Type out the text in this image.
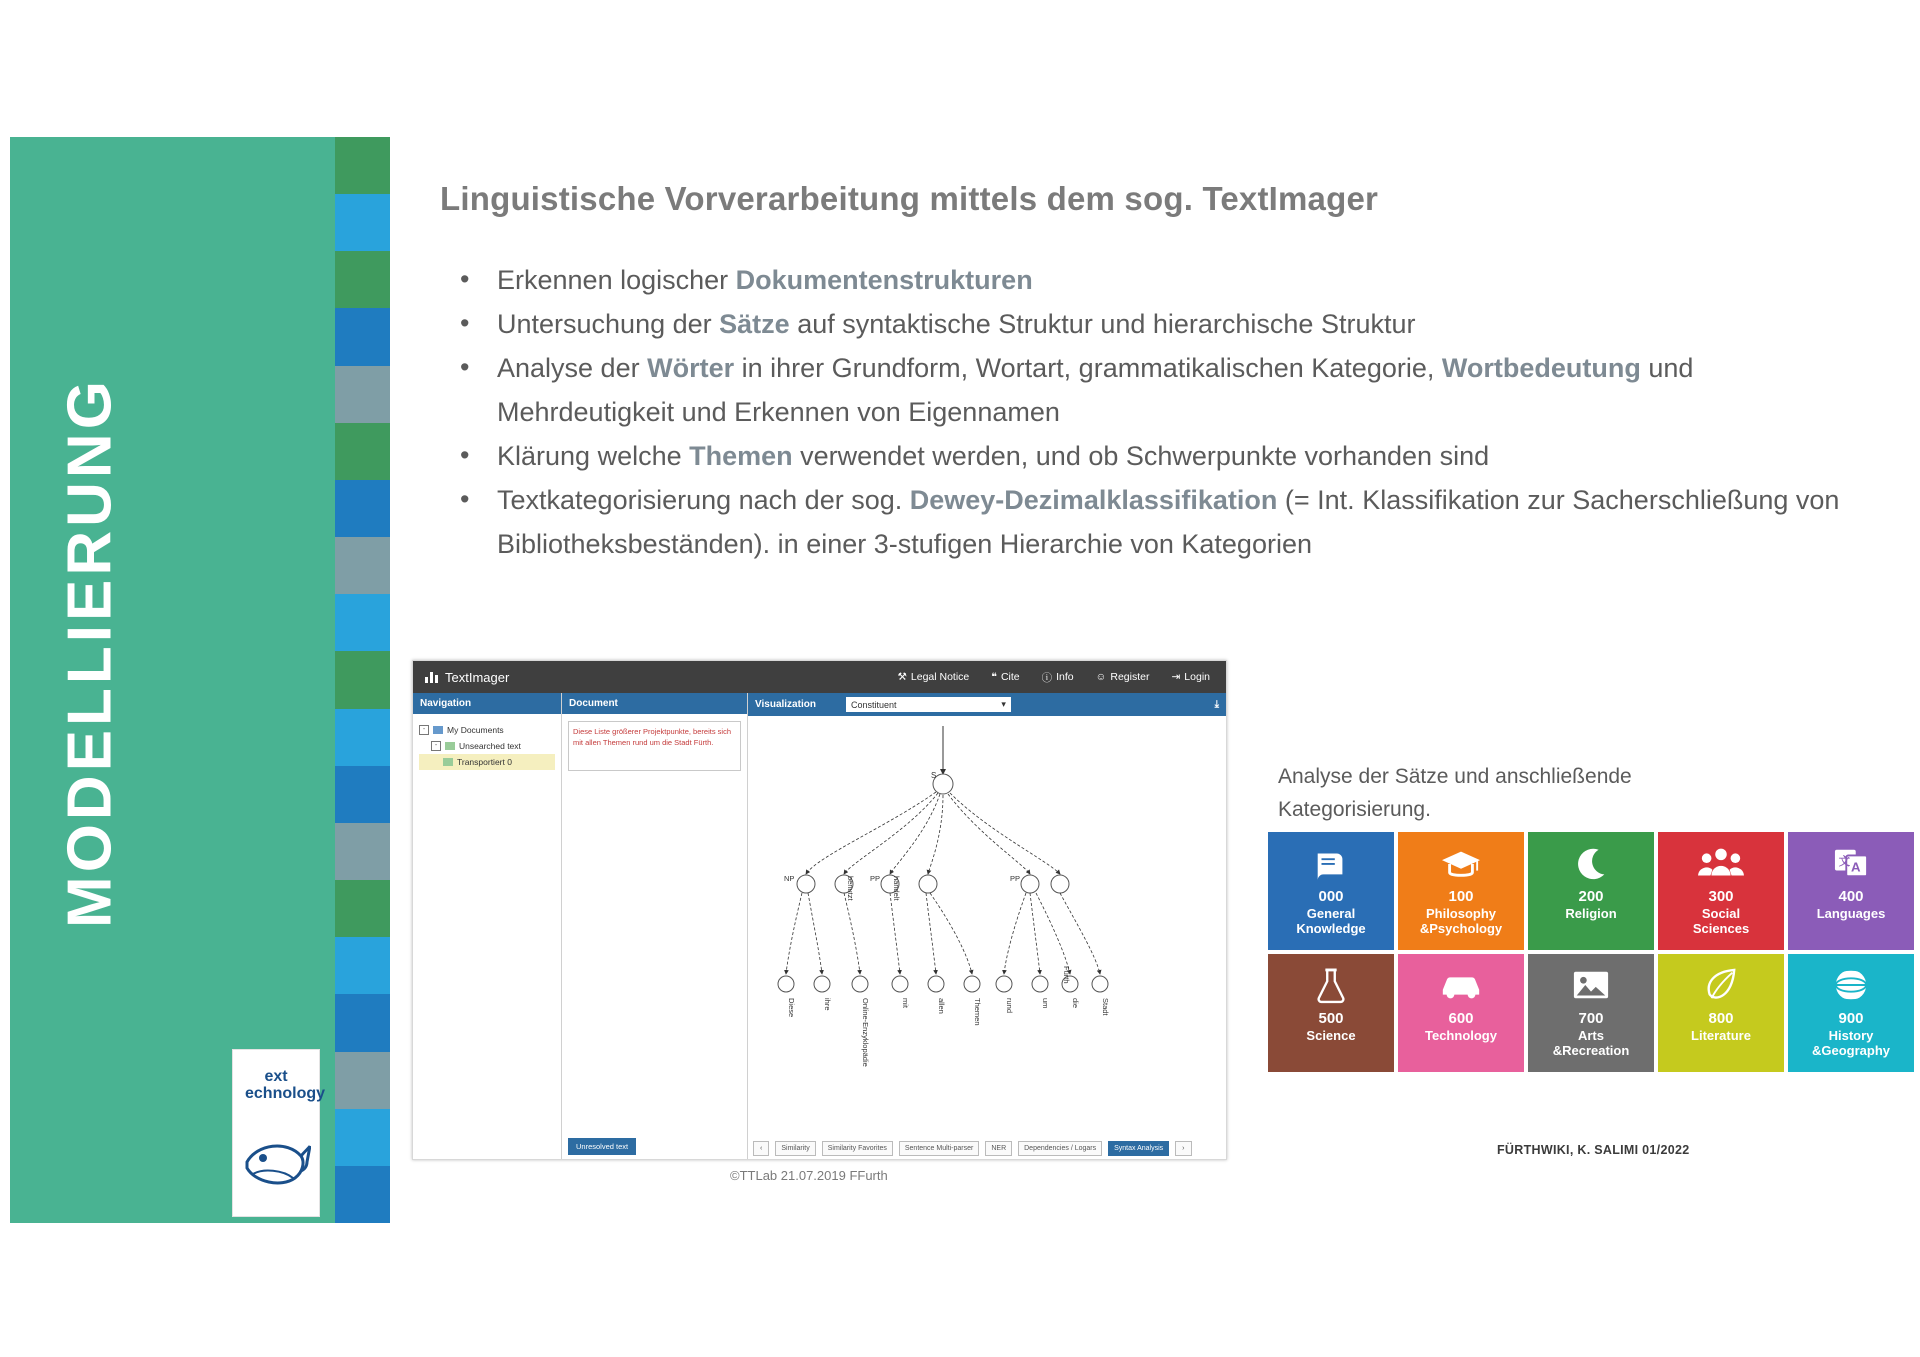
MODELLIERUNG
ext
echnology
Linguistische Vorverarbeitung mittels dem sog. TextImager
• Erkennen logischer Dokumentenstrukturen
• Untersuchung der Sätze auf syntaktische Struktur und hierarchische Struktur
• Analyse der Wörter in ihrer Grundform, Wortart, grammatikalischen Kategorie, Wortbedeutung und Mehrdeutigkeit und Erkennen von Eigennamen
• Klärung welche Themen verwendet werden, und ob Schwerpunkte vorhanden sind
• Textkategorisierung nach der sog. Dewey-Dezimalklassifikation (= Int. Klassifikation zur Sacherschließung von Bibliotheksbeständen). in einer 3-stufigen Hierarchie von Kategorien
TextImager	⚒ Legal Notice ❝ Cite ⓘ Info ☺ Register ⇥ Login
Navigation
-	My Documents
-	Unsearched text
Transportiert 0
Document
Diese Liste größerer Projektpunkte, bereits sich mit allen Themen rund um die Stadt Fürth.
Unresolved text
Visualization	Constituent	▾	⤓
S
NP	PP	PP
Diese	ihre	Online-Enzyklopädie	mit	allen	Themen	rund	um	die	Stadt
benutzt	handelt
Fürth
‹	Similarity	Similarity Favorites	Sentence Multi-parser	NER	Dependencies / Logars	Syntax Analysis	›
©TTLab 21.07.2019 FFurth
Analyse der Sätze und anschließende Kategorisierung.
000
General
Knowledge
100
Philosophy
&Psychology
200
Religion
300
Social
Sciences
A
文
400
Languages
500
Science
600
Technology
700
Arts
&Recreation
800
Literature
900
History
&Geography
FÜRTHWIKI, K. SALIMI 01/2022
